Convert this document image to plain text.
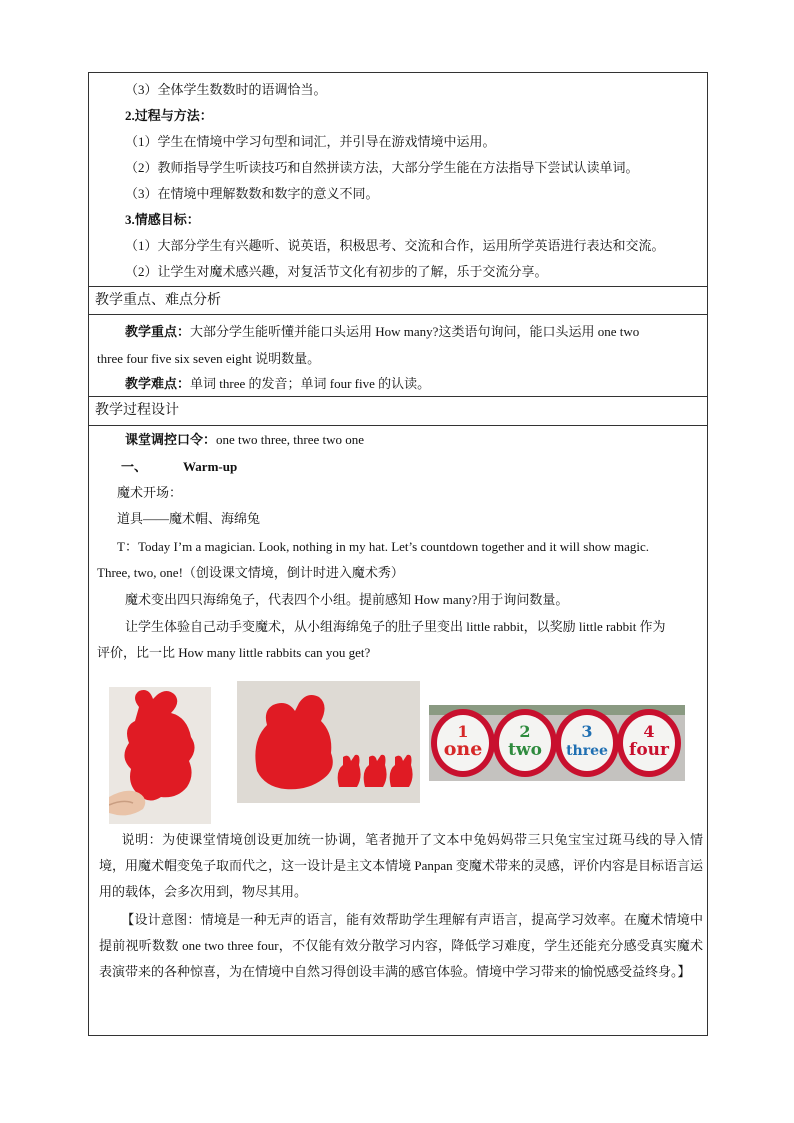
（3）全体学生数数时的语调恰当。
2.过程与方法：
（1）学生在情境中学习句型和词汇，并引导在游戏情境中运用。
（2）教师指导学生听读技巧和自然拼读方法，大部分学生能在方法指导下尝试认读单词。
（3）在情境中理解数数和数字的意义不同。
3.情感目标：
（1）大部分学生有兴趣听、说英语，积极思考、交流和合作，运用所学英语进行表达和交流。
（2）让学生对魔术感兴趣，对复活节文化有初步的了解，乐于交流分享。
教学重点、难点分析
教学重点：大部分学生能听懂并能口头运用 How many?这类语句询问，能口头运用 one two
three four five six seven eight 说明数量。
教学难点：单词 three 的发音；单词 four five 的认读。
教学过程设计
课堂调控口令：one two three, three two one
一、	Warm-up
魔术开场：
道具——魔术帽、海绵兔
T：Today I’m a magician. Look, nothing in my hat. Let’s countdown together and it will show magic.
Three, two, one!（创设课文情境，倒计时进入魔术秀）
魔术变出四只海绵兔子，代表四个小组。提前感知 How many?用于询问数量。
让学生体验自己动手变魔术，从小组海绵兔子的肚子里变出 little rabbit，以奖励 little rabbit 作为
评价，比一比 How many little rabbits can you get?
1
one
2
two
3
three
4
four
说明：为使课堂情境创设更加统一协调，笔者抛开了文本中兔妈妈带三只兔宝宝过斑马线的导入情境，用魔术帽变兔子取而代之，这一设计是主文本情境 Panpan 变魔术带来的灵感，评价内容是目标语言运用的载体，会多次用到，物尽其用。
【设计意图：情境是一种无声的语言，能有效帮助学生理解有声语言，提高学习效率。在魔术情境中提前视听数数 one two three four，不仅能有效分散学习内容，降低学习难度，学生还能充分感受真实魔术表演带来的各种惊喜，为在情境中自然习得创设丰满的感官体验。情境中学习带来的愉悦感受益终身。】
